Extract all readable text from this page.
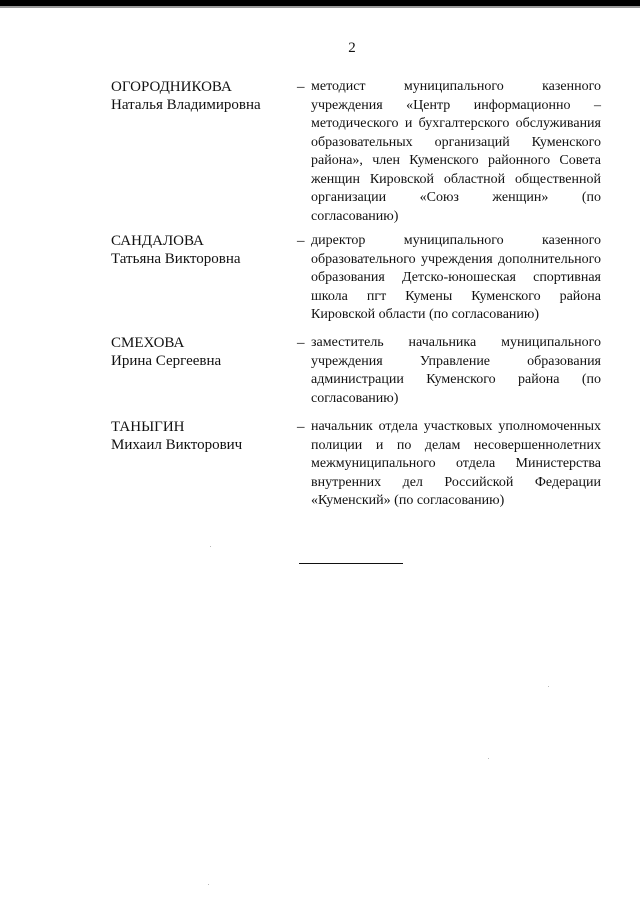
2
ОГОРОДНИКОВА
Наталья Владимировна
– методист муниципального казенного учреждения «Центр информационно – методического и бухгалтерского обслуживания образовательных организаций Куменского района», член Куменского районного Совета женщин Кировской областной общественной организации «Союз женщин» (по согласованию)
САНДАЛОВА
Татьяна Викторовна
– директор муниципального казенного образовательного учреждения дополнительного образования Детско-юношеская спортивная школа пгт Кумены Куменского района Кировской области (по согласованию)
СМЕХОВА
Ирина Сергеевна
– заместитель начальника муниципального учреждения Управление образования администрации Куменского района (по согласованию)
ТАНЫГИН
Михаил Викторович
– начальник отдела участковых уполномоченных полиции и по делам несовершеннолетних межмуниципального отдела Министерства внутренних дел Российской Федерации «Куменский» (по согласованию)
